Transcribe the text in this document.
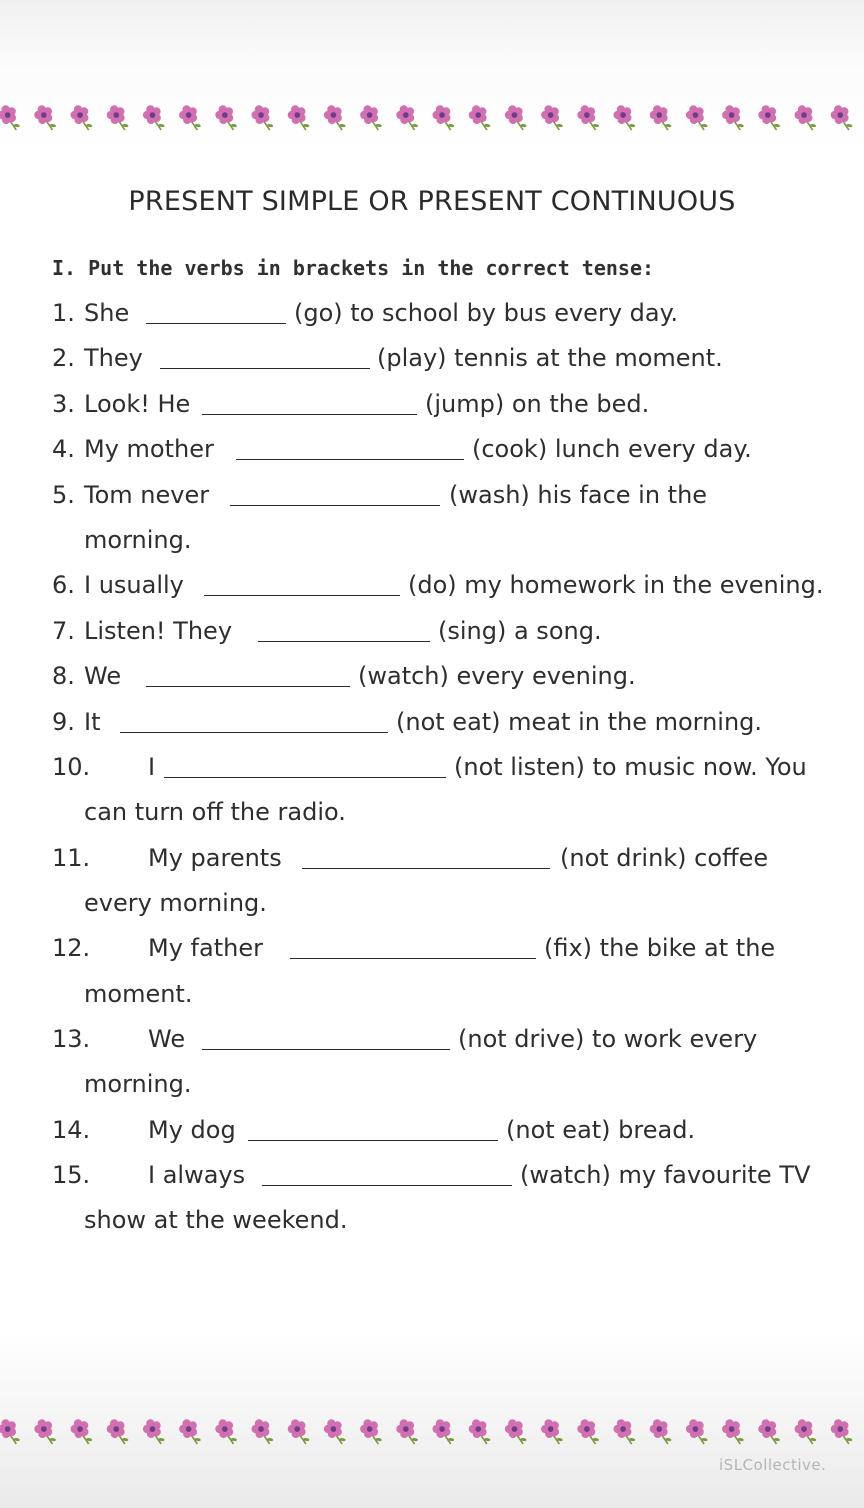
PRESENT SIMPLE OR PRESENT CONTINUOUS
I. Put the verbs in brackets in the correct tense:
1. She	(go) to school by bus every day.
2. They	(play) tennis at the moment.
3. Look! He	(jump) on the bed.
4. My mother	(cook) lunch every day.
5. Tom never	(wash) his face in the
morning.
6. I usually	(do) my homework in the evening.
7. Listen! They	(sing) a song.
8. We	(watch) every evening.
9. It	(not eat) meat in the morning.
10. I	(not listen) to music now. You
can turn off the radio.
11. My parents	(not drink) coffee
every morning.
12. My father	(fix) the bike at the
moment.
13. We	(not drive) to work every
morning.
14. My dog	(not eat) bread.
15. I always	(watch) my favourite TV
show at the weekend.
iSLCollective.
